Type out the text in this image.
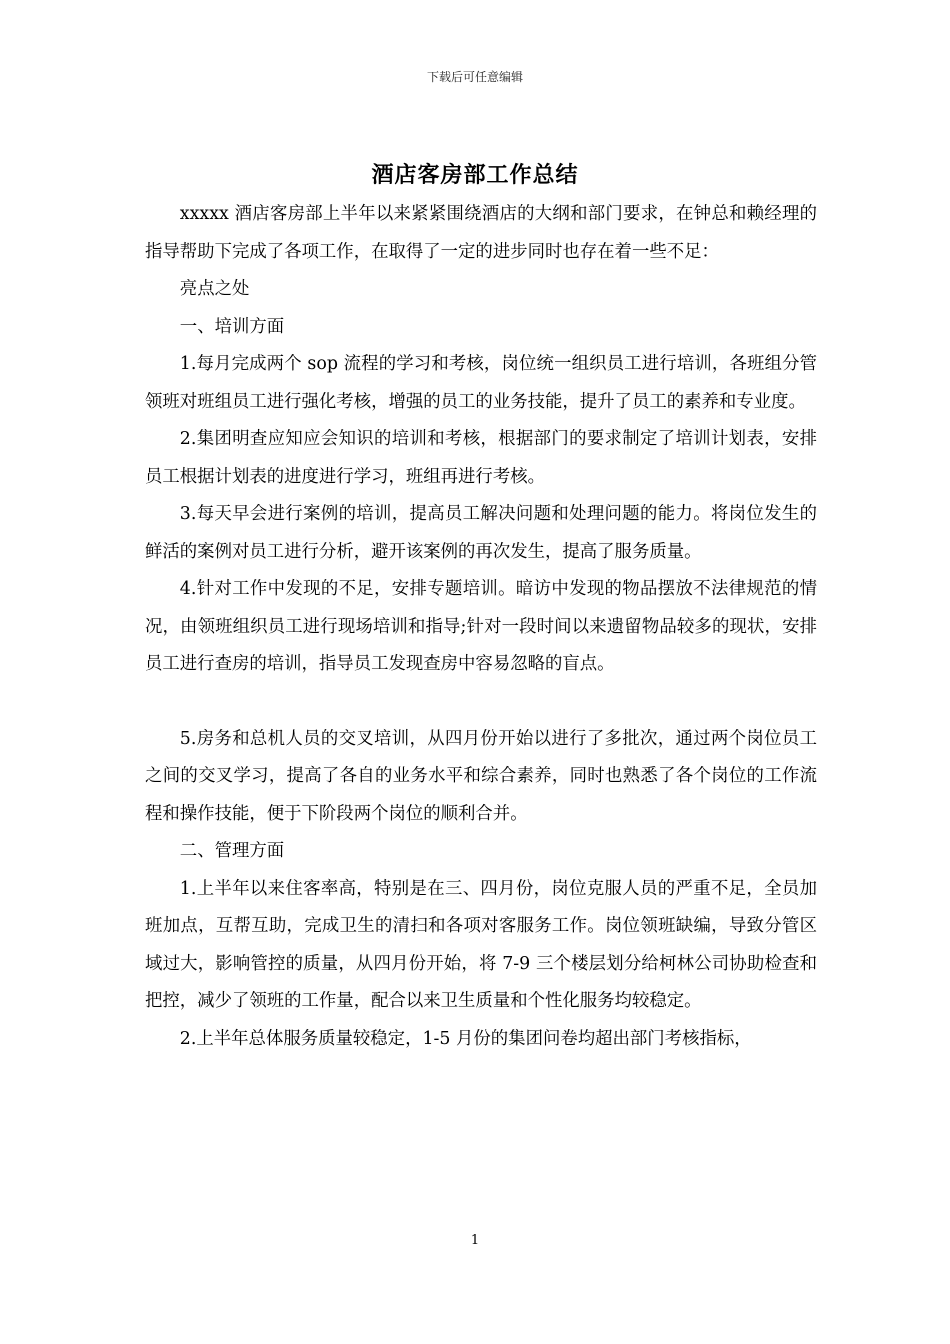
下载后可任意编辑
酒店客房部工作总结

xxxxx 酒店客房部上半年以来紧紧围绕酒店的大纲和部门要求，在钟总和赖经理的指导帮助下完成了各项工作，在取得了一定的进步同时也存在着一些不足：

亮点之处

一、培训方面

1.每月完成两个 sop 流程的学习和考核，岗位统一组织员工进行培训，各班组分管领班对班组员工进行强化考核，增强的员工的业务技能，提升了员工的素养和专业度。

2.集团明查应知应会知识的培训和考核，根据部门的要求制定了培训计划表，安排员工根据计划表的进度进行学习，班组再进行考核。

3.每天早会进行案例的培训，提高员工解决问题和处理问题的能力。将岗位发生的鲜活的案例对员工进行分析，避开该案例的再次发生，提高了服务质量。

4.针对工作中发现的不足，安排专题培训。暗访中发现的物品摆放不法律规范的情况，由领班组织员工进行现场培训和指导;针对一段时间以来遗留物品较多的现状，安排员工进行查房的培训，指导员工发现查房中容易忽略的盲点。

5.房务和总机人员的交叉培训，从四月份开始以进行了多批次，通过两个岗位员工之间的交叉学习，提高了各自的业务水平和综合素养，同时也熟悉了各个岗位的工作流程和操作技能，便于下阶段两个岗位的顺利合并。

二、管理方面

1.上半年以来住客率高，特别是在三、四月份，岗位克服人员的严重不足，全员加班加点，互帮互助，完成卫生的清扫和各项对客服务工作。岗位领班缺编，导致分管区域过大，影响管控的质量，从四月份开始，将 7-9 三个楼层划分给柯林公司协助检查和把控，减少了领班的工作量，配合以来卫生质量和个性化服务均较稳定。

2.上半年总体服务质量较稳定，1-5 月份的集团问卷均超出部门考核指标，

1
